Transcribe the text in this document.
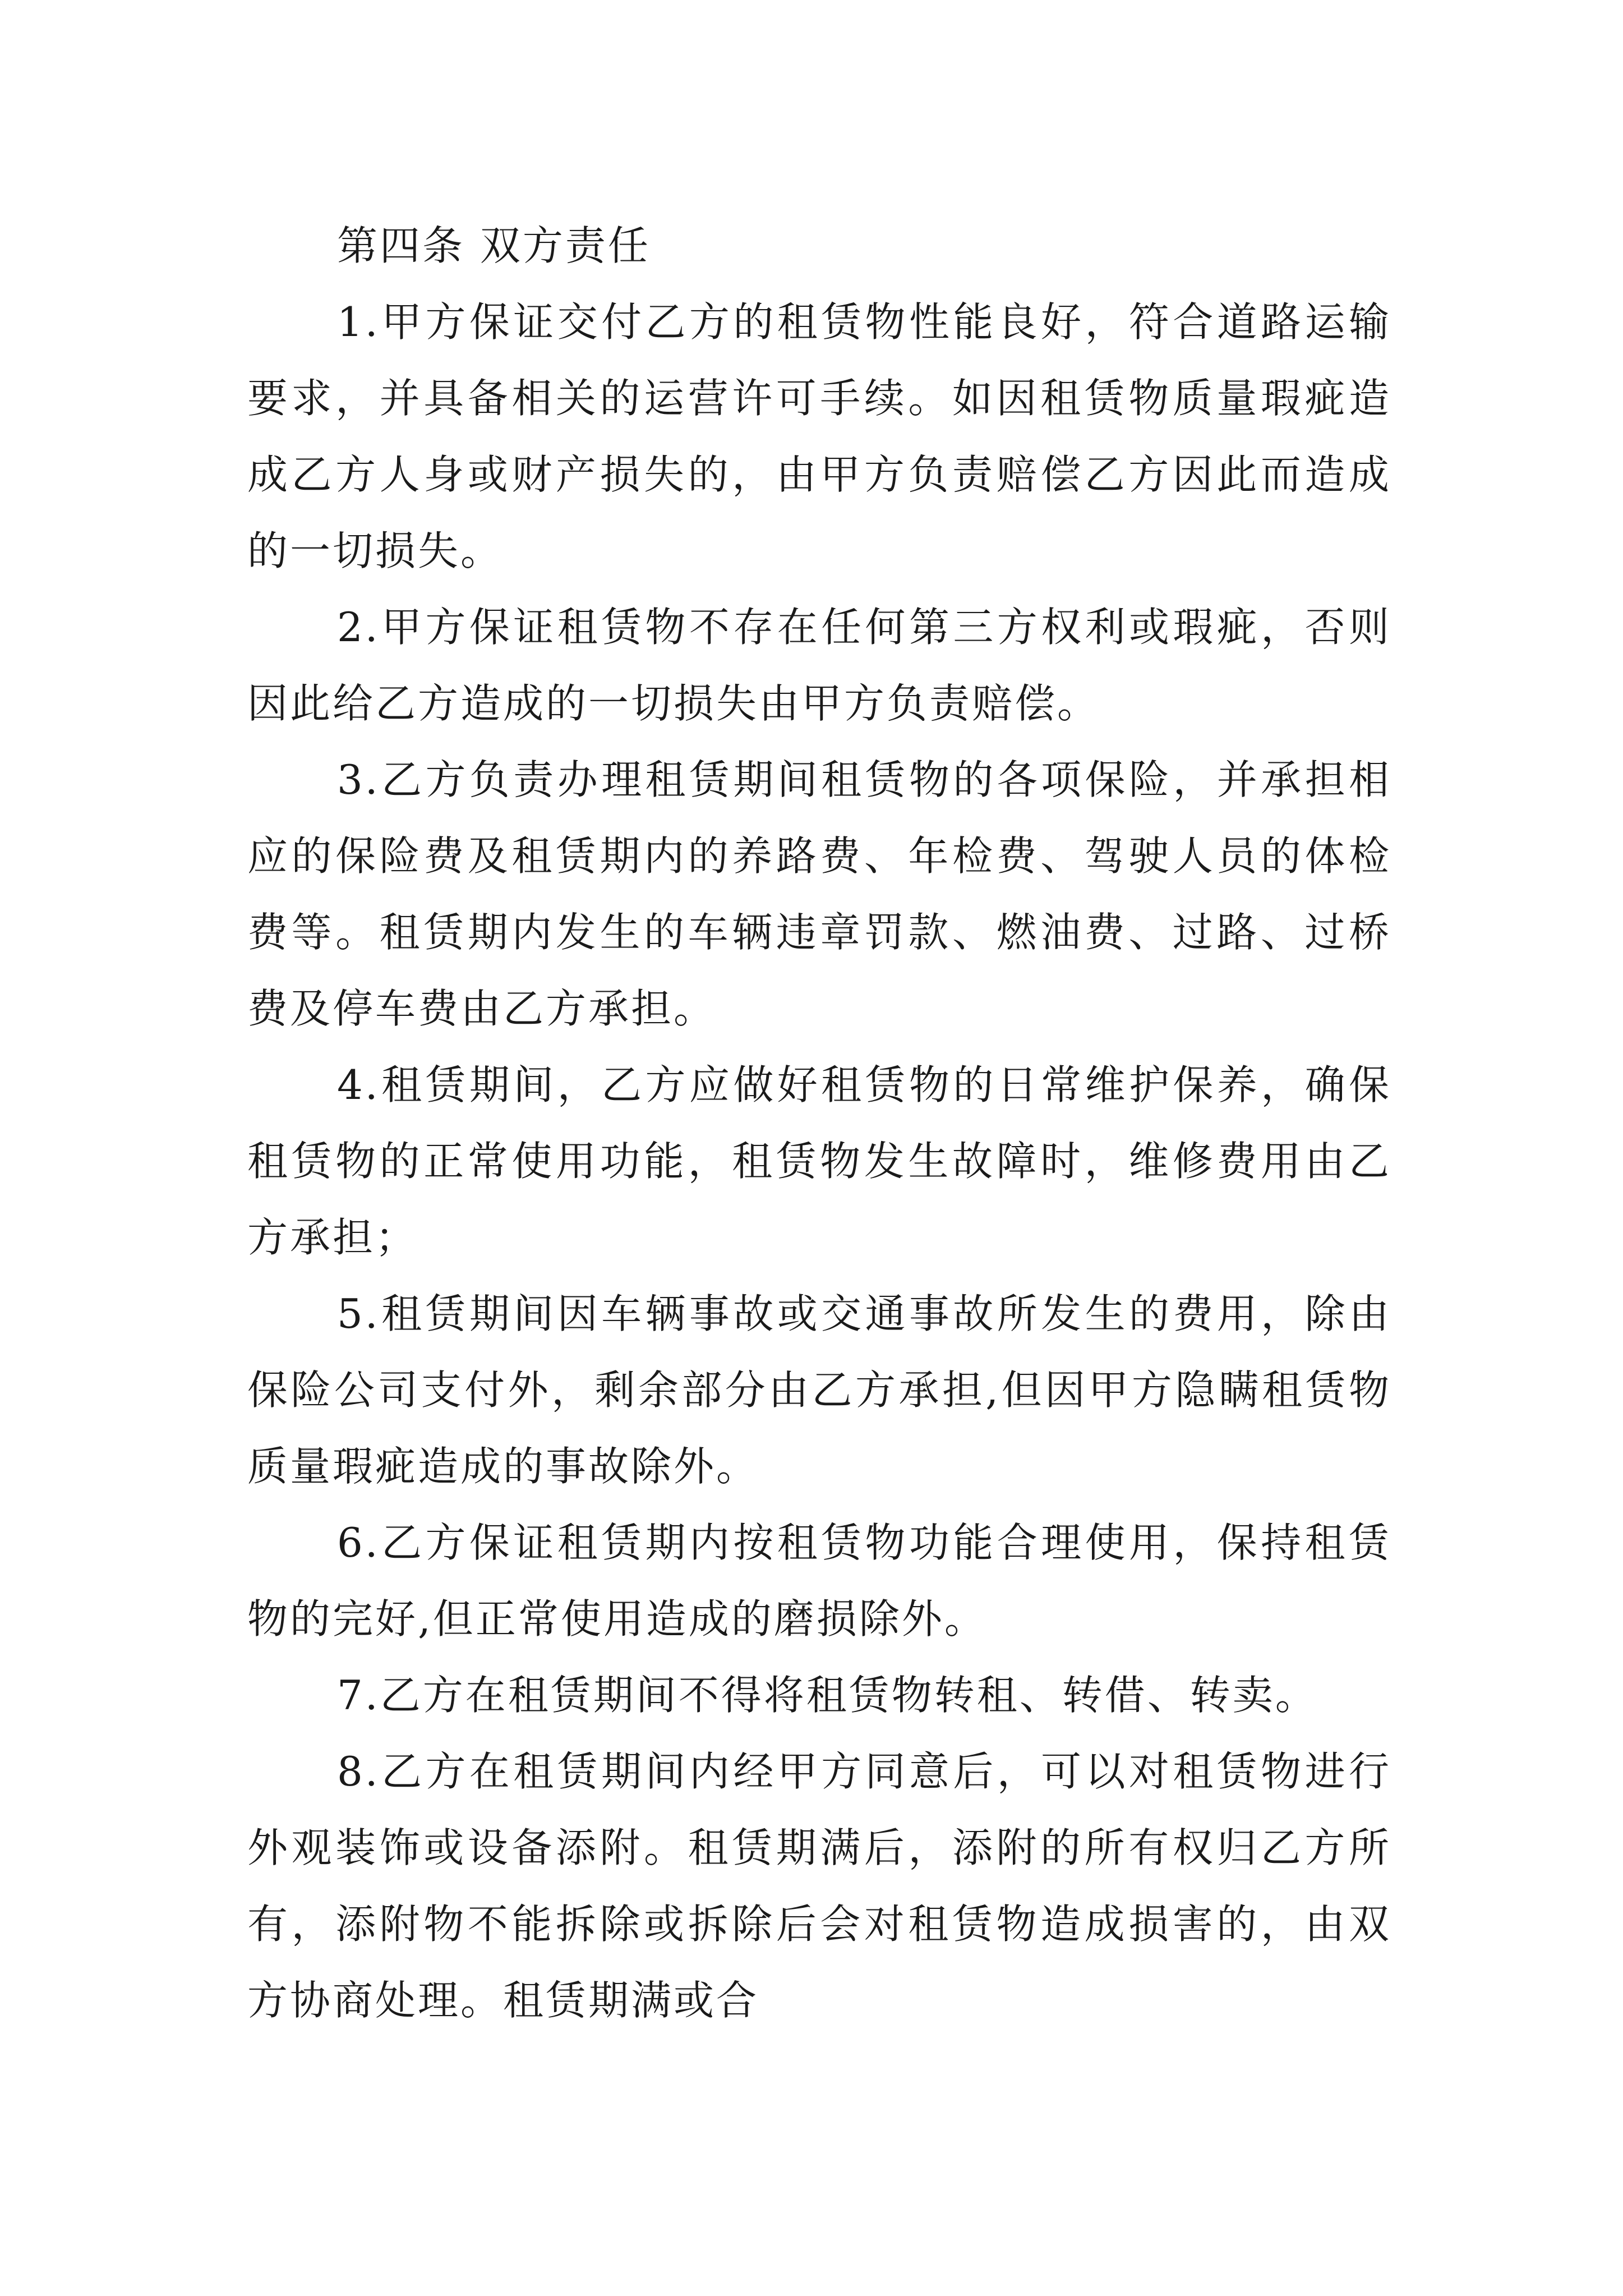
第四条 双方责任

1.甲方保证交付乙方的租赁物性能良好，符合道路运输要求，并具备相关的运营许可手续。如因租赁物质量瑕疵造成乙方人身或财产损失的，由甲方负责赔偿乙方因此而造成的一切损失。

2.甲方保证租赁物不存在任何第三方权利或瑕疵，否则因此给乙方造成的一切损失由甲方负责赔偿。

3.乙方负责办理租赁期间租赁物的各项保险，并承担相应的保险费及租赁期内的养路费、年检费、驾驶人员的体检费等。租赁期内发生的车辆违章罚款、燃油费、过路、过桥费及停车费由乙方承担。

4.租赁期间，乙方应做好租赁物的日常维护保养，确保租赁物的正常使用功能，租赁物发生故障时，维修费用由乙方承担；

5.租赁期间因车辆事故或交通事故所发生的费用，除由保险公司支付外，剩余部分由乙方承担,但因甲方隐瞒租赁物质量瑕疵造成的事故除外。

6.乙方保证租赁期内按租赁物功能合理使用，保持租赁物的完好,但正常使用造成的磨损除外。

7.乙方在租赁期间不得将租赁物转租、转借、转卖。

8.乙方在租赁期间内经甲方同意后，可以对租赁物进行外观装饰或设备添附。租赁期满后，添附的所有权归乙方所有，添附物不能拆除或拆除后会对租赁物造成损害的，由双方协商处理。租赁期满或合
